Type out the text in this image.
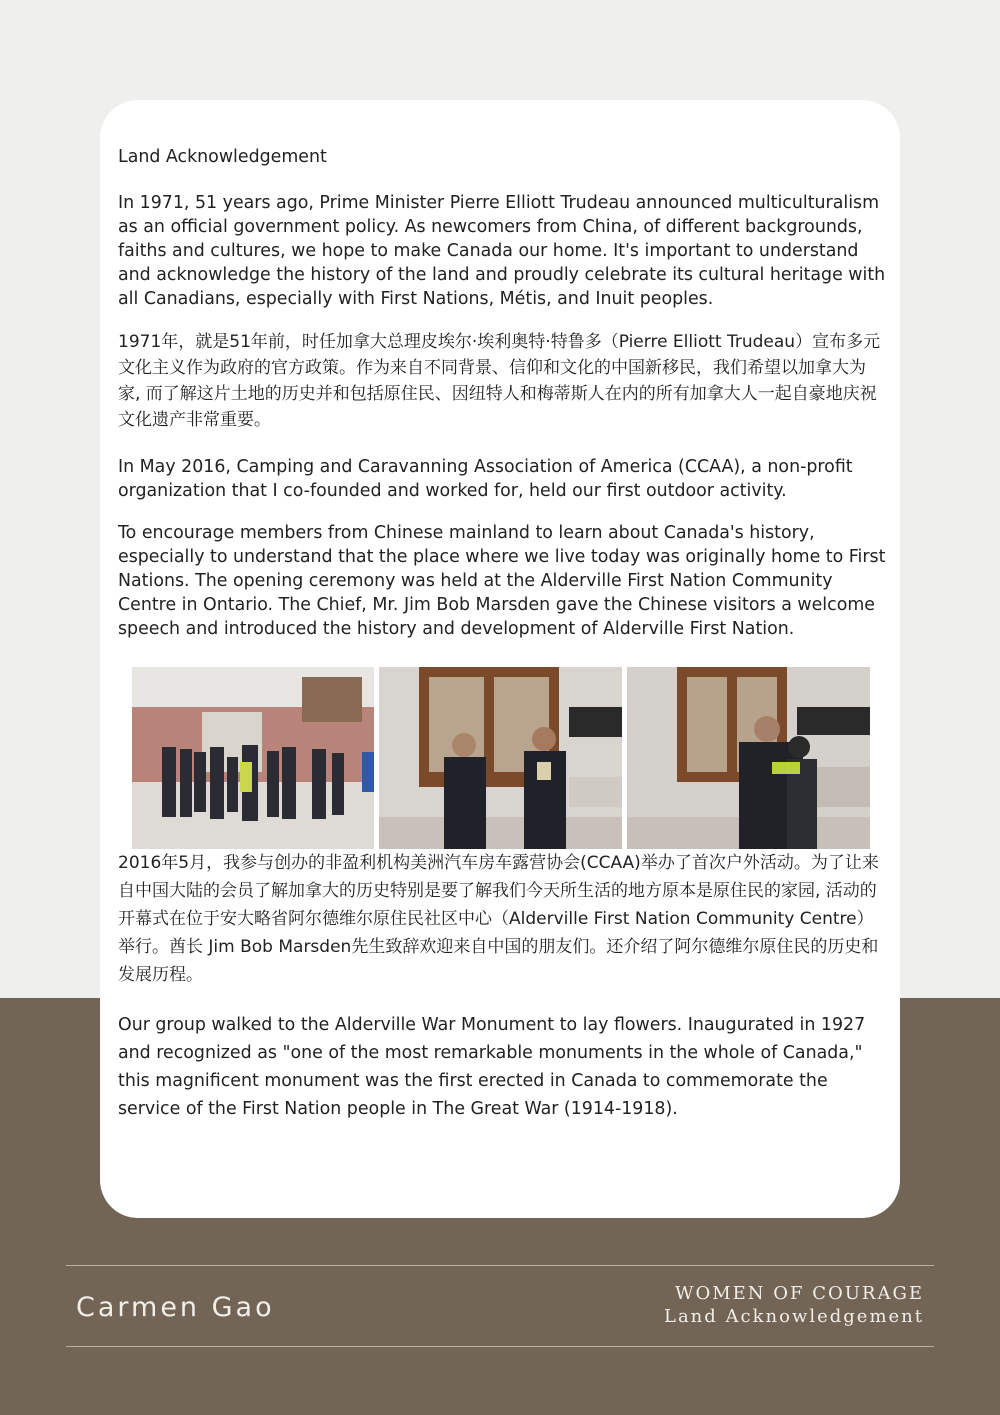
Land Acknowledgement

In 1971, 51 years ago, Prime Minister Pierre Elliott Trudeau announced multiculturalism as an official government policy. As newcomers from China, of different backgrounds, faiths and cultures, we hope to make Canada our home. It's important to understand and acknowledge the history of the land and proudly celebrate its cultural heritage with all Canadians, especially with First Nations, Métis, and Inuit peoples.

1971年，就是51年前，时任加拿大总理皮埃尔·埃利奥特·特鲁多（Pierre Elliott Trudeau）宣布多元文化主义作为政府的官方政策。作为来自不同背景、信仰和文化的中国新移民，我们希望以加拿大为家, 而了解这片土地的历史并和包括原住民、因纽特人和梅蒂斯人在内的所有加拿大人一起自豪地庆祝文化遗产非常重要。

In May 2016, Camping and Caravanning Association of America (CCAA), a non-profit organization that I co-founded and worked for, held our first outdoor activity.

To encourage members from Chinese mainland to learn about Canada's history, especially to understand that the place where we live today was originally home to First Nations. The opening ceremony was held at the Alderville First Nation Community Centre in Ontario. The Chief, Mr. Jim Bob Marsden gave the Chinese visitors a welcome speech and introduced the history and development of Alderville First Nation.

2016年5月，我参与创办的非盈利机构美洲汽车房车露营协会(CCAA)举办了首次户外活动。为了让来自中国大陆的会员了解加拿大的历史特别是要了解我们今天所生活的地方原本是原住民的家园, 活动的开幕式在位于安大略省阿尔德维尔原住民社区中心（Alderville First Nation Community Centre）举行。酋长 Jim Bob Marsden先生致辞欢迎来自中国的朋友们。还介绍了阿尔德维尔原住民的历史和发展历程。

Our group walked to the Alderville War Monument to lay flowers. Inaugurated in 1927 and recognized as "one of the most remarkable monuments in the whole of Canada," this magnificent monument was the first erected in Canada to commemorate the service of the First Nation people in The Great War (1914-1918).

Carmen Gao	WOMEN OF COURAGE
Land Acknowledgement
